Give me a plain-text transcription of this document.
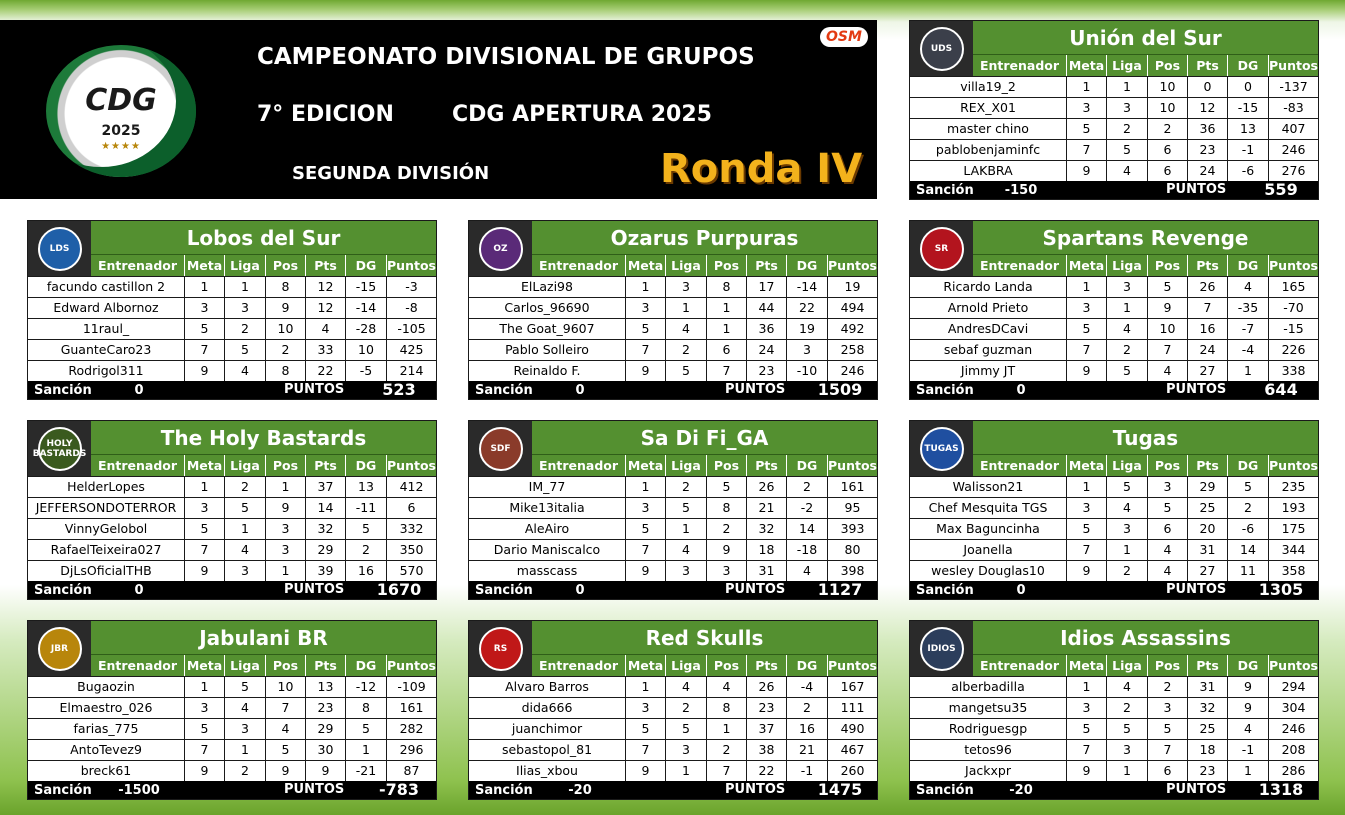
CDG
2025
★★★★
CAMPEONATO DIVISIONAL DE GRUPOS
7° EDICION	CDG APERTURA 2025
SEGUNDA DIVISIÓN	Ronda IV
OSM
UDS	Unión del Sur
Entrenador Meta Liga	Pos	Pts	DG Puntos
villa19_2	1	1	10	0	0	-137
REX_X01	3	3	10	12	-15	-83
master chino	5	2	2	36	13	407
pablobenjaminfc	7	5	6	23	-1	246
LAKBRA	9	4	6	24	-6	276
Sanción	-150	PUNTOS	559
LDS	Lobos del Sur
Entrenador Meta Liga	Pos	Pts	DG Puntos
facundo castillon 2	1	1	8	12	-15	-3
Edward Albornoz	3	3	9	12	-14	-8
11raul_	5	2	10	4	-28	-105
GuanteCaro23	7	5	2	33	10	425
Rodrigol311	9	4	8	22	-5	214
Sanción	0	PUNTOS	523
OZ	Ozarus Purpuras
Entrenador Meta Liga	Pos	Pts	DG Puntos
ElLazi98	1	3	8	17	-14	19
Carlos_96690	3	1	1	44	22	494
The Goat_9607	5	4	1	36	19	492
Pablo Solleiro	7	2	6	24	3	258
Reinaldo F.	9	5	7	23	-10	246
Sanción	0	PUNTOS	1509
SR	Spartans Revenge
Entrenador Meta Liga	Pos	Pts	DG Puntos
Ricardo Landa	1	3	5	26	4	165
Arnold Prieto	3	1	9	7	-35	-70
AndresDCavi	5	4	10	16	-7	-15
sebaf guzman	7	2	7	24	-4	226
Jimmy JT	9	5	4	27	1	338
Sanción	0	PUNTOS	644
HOLY BASTARDS
The Holy Bastards
Entrenador Meta Liga	Pos	Pts	DG Puntos
HelderLopes	1	2	1	37	13	412
JEFFERSONDOTERROR	3	5	9	14	-11	6
VinnyGelobol	5	1	3	32	5	332
RafaelTeixeira027	7	4	3	29	2	350
DjLsOficialTHB	9	3	1	39	16	570
Sanción	0	PUNTOS	1670
SDF	Sa Di Fi_GA
Entrenador Meta Liga	Pos	Pts	DG Puntos
IM_77	1	2	5	26	2	161
Mike13italia	3	5	8	21	-2	95
AleAiro	5	1	2	32	14	393
Dario Maniscalco	7	4	9	18	-18	80
masscass	9	3	3	31	4	398
Sanción	0	PUNTOS	1127
TUGAS	Tugas
Entrenador Meta Liga	Pos	Pts	DG Puntos
Walisson21	1	5	3	29	5	235
Chef Mesquita TGS	3	4	5	25	2	193
Max Baguncinha	5	3	6	20	-6	175
Joanella	7	1	4	31	14	344
wesley Douglas10	9	2	4	27	11	358
Sanción	0	PUNTOS	1305
JBR	Jabulani BR
Entrenador Meta Liga	Pos	Pts	DG Puntos
Bugaozin	1	5	10	13	-12	-109
Elmaestro_026	3	4	7	23	8	161
farias_775	5	3	4	29	5	282
AntoTevez9	7	1	5	30	1	296
breck61	9	2	9	9	-21	87
Sanción	-1500	PUNTOS	-783
RS	Red Skulls
Entrenador Meta Liga	Pos	Pts	DG Puntos
Alvaro Barros	1	4	4	26	-4	167
dida666	3	2	8	23	2	111
juanchimor	5	5	1	37	16	490
sebastopol_81	7	3	2	38	21	467
Ilias_xbou	9	1	7	22	-1	260
Sanción	-20	PUNTOS	1475
IDIOS	Idios Assassins
Entrenador Meta Liga	Pos	Pts	DG Puntos
alberbadilla	1	4	2	31	9	294
mangetsu35	3	2	3	32	9	304
Rodriguesgp	5	5	5	25	4	246
tetos96	7	3	7	18	-1	208
Jackxpr	9	1	6	23	1	286
Sanción	-20	PUNTOS	1318
